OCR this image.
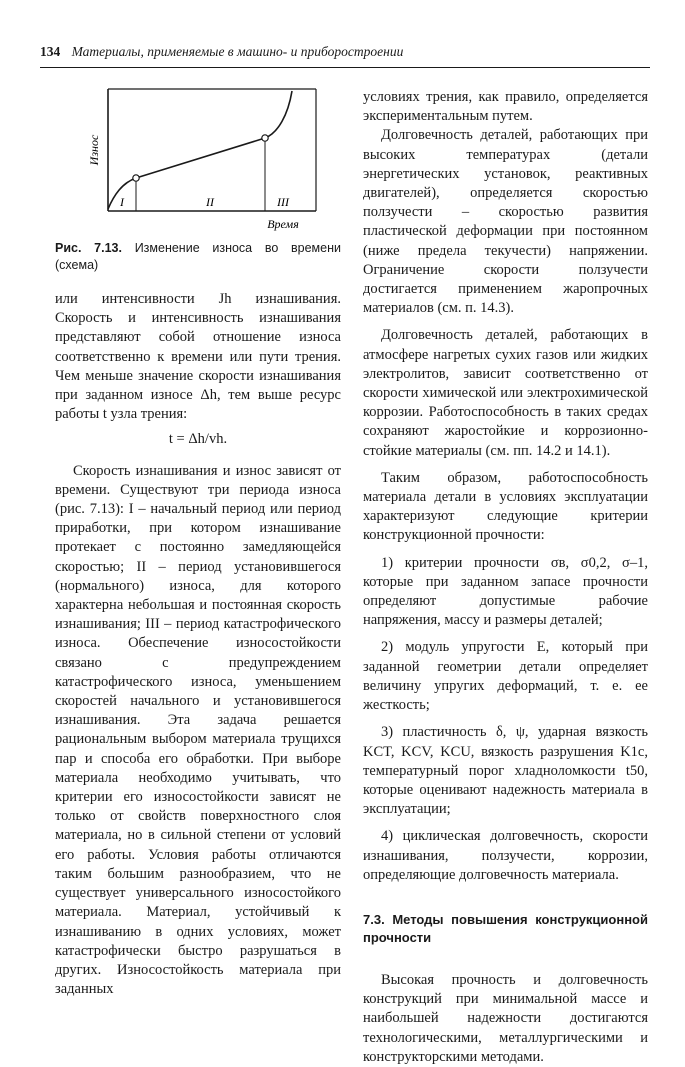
134 Материалы, применяемые в машино- и приборостроении
Износ
Время
I	II	III
Рис. 7.13. Изменение износа во времени (схема)

или интенсивности Jh изнашивания. Скорость и интенсивность изнашивания представляют собой отношение износа соответственно к времени или пути трения. Чем меньше значение скорости изнашивания при заданном износе Δh, тем выше ресурс работы t узла трения:

t = Δh/vh.

Скорость изнашивания и износ зависят от времени. Существуют три периода износа (рис. 7.13): I – начальный период или период приработки, при котором изнашивание протекает с постоянно замедляющейся скоростью; II – период установившегося (нормального) износа, для которого характерна небольшая и постоянная скорость изнашивания; III – период катастрофического износа. Обеспечение износостойкости связано с предупреждением катастрофического износа, уменьшением скоростей начального и установившегося изнашивания. Эта задача решается рациональным выбором материала трущихся пар и способа его обработки. При выборе материала необходимо учитывать, что критерии его износостойкости зависят не только от свойств поверхностного слоя материала, но в сильной степени от условий его работы. Условия работы отличаются таким большим разнообразием, что не существует универсального износостойкого материала. Материал, устойчивый к изнашиванию в одних условиях, может катастрофически быстро разрушаться в других. Износостойкость материала при заданных

условиях трения, как правило, определяется экспериментальным путем.

Долговечность деталей, работающих при высоких температурах (детали энергетических установок, реактивных двигателей), определяется скоростью ползучести – скоростью развития пластической деформации при постоянном (ниже предела текучести) напряжении. Ограничение скорости ползучести достигается применением жаропрочных материалов (см. п. 14.3).

Долговечность деталей, работающих в атмосфере нагретых сухих газов или жидких электролитов, зависит соответственно от скорости химической или электрохимической коррозии. Работоспособность в таких средах сохраняют жаростойкие и коррозионно-стойкие материалы (см. пп. 14.2 и 14.1).

Таким образом, работоспособность материала детали в условиях эксплуатации характеризуют следующие критерии конструкционной прочности:

1) критерии прочности σв, σ0,2, σ–1, которые при заданном запасе прочности определяют допустимые рабочие напряжения, массу и размеры деталей;

2) модуль упругости E, который при заданной геометрии детали определяет величину упругих деформаций, т. е. ее жесткость;

3) пластичность δ, ψ, ударная вязкость KCT, KCV, KCU, вязкость разрушения K1c, температурный порог хладноломкости t50, которые оценивают надежность материала в эксплуатации;

4) циклическая долговечность, скорости изнашивания, ползучести, коррозии, определяющие долговечность материала.

7.3. Методы повышения конструкционной прочности

Высокая прочность и долговечность конструкций при минимальной массе и наибольшей надежности достигаются технологическими, металлургическими и конструкторскими методами.
